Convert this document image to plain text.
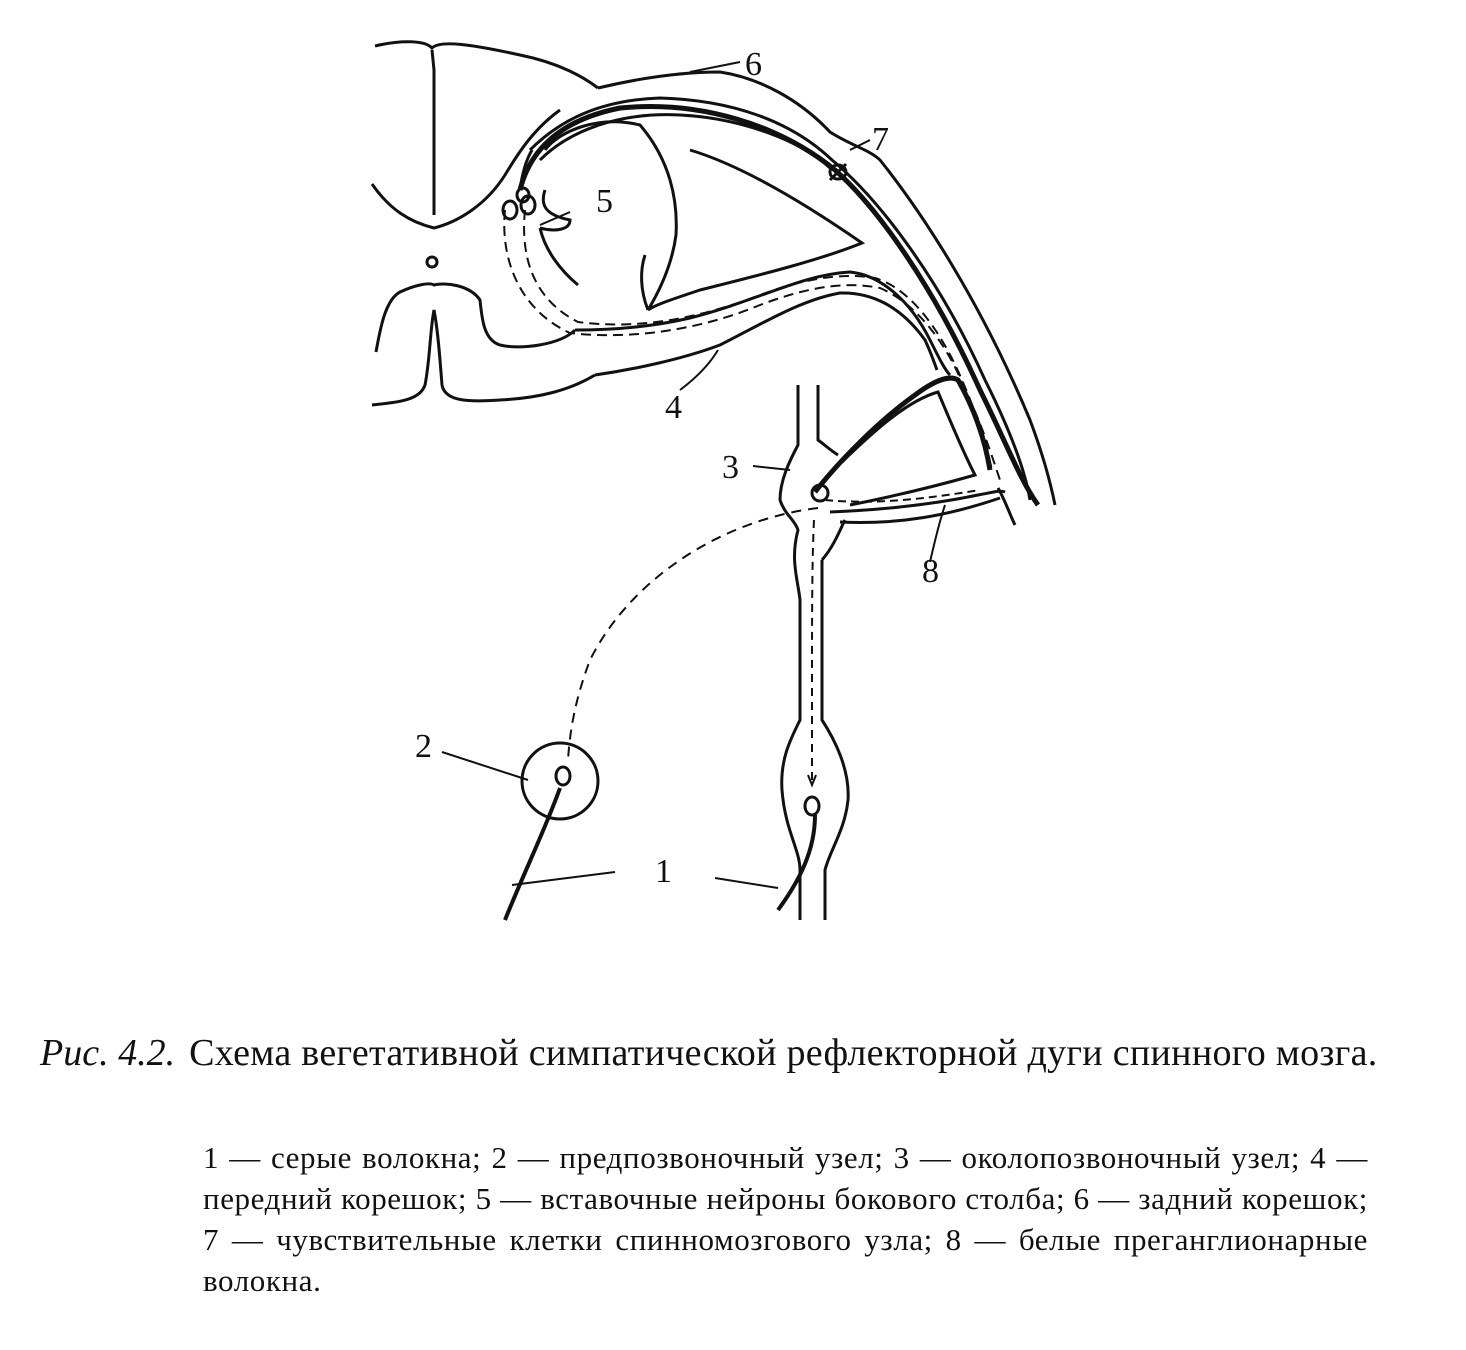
6
7
5
4
3
8
2
1
Рис. 4.2. Схема вегетативной симпатической рефлекторной дуги спинного мозга.
1 — серые волокна; 2 — предпозвоночный узел; 3 — околопозвоночный узел; 4 — передний корешок; 5 — вставочные нейроны бокового столба; 6 — задний корешок; 7 — чувствительные клетки спинномозгового узла; 8 — белые преганглионарные волокна.
